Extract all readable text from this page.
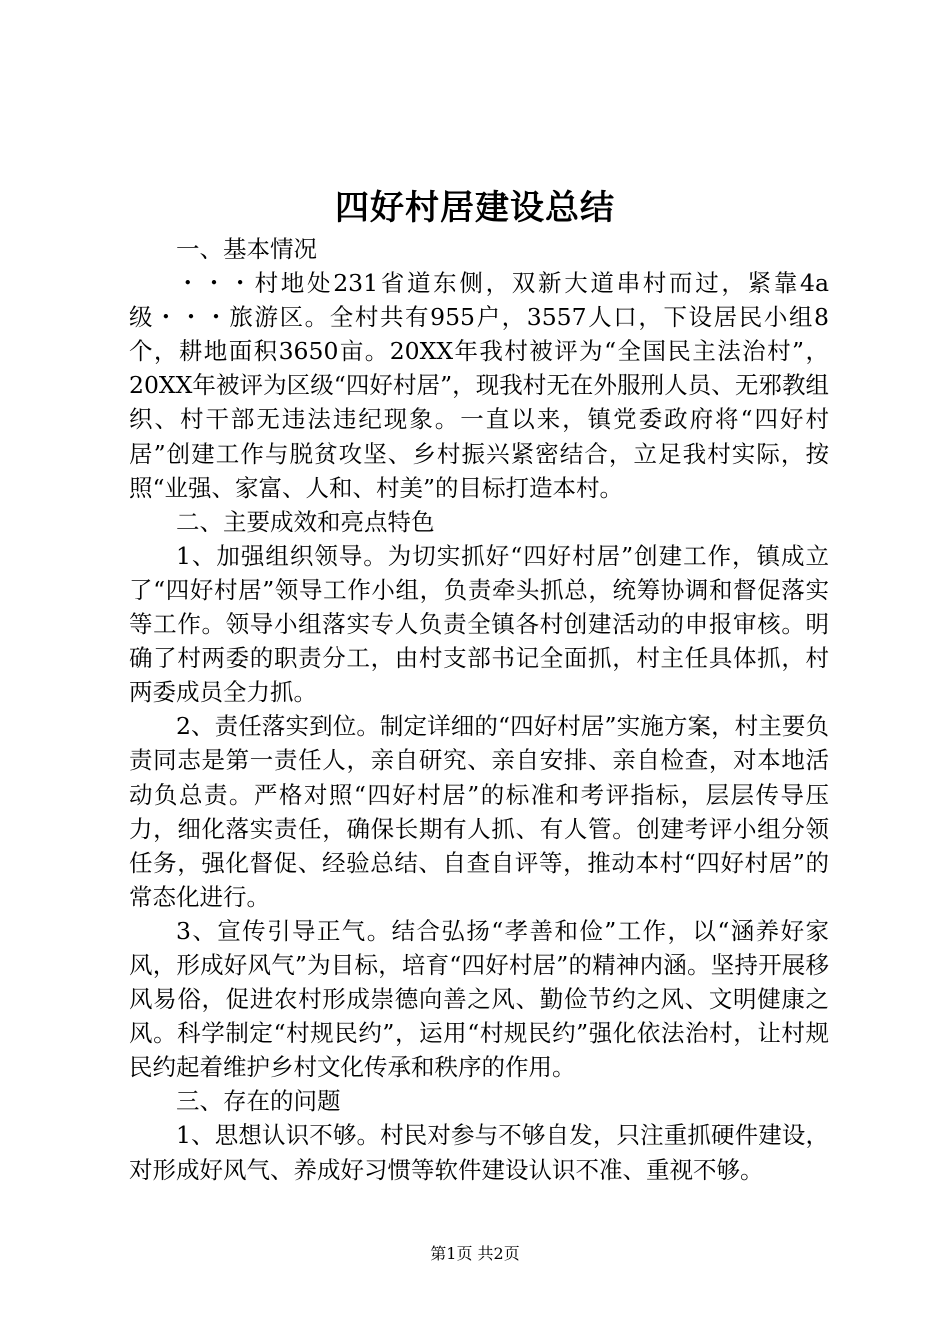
四好村居建设总结

一、基本情况

・・・村地处231省道东侧，双新大道串村而过，紧靠4a级・・・旅游区。全村共有955户，3557人口，下设居民小组8个，耕地面积3650亩。20XX年我村被评为“全国民主法治村”，20XX年被评为区级“四好村居”，现我村无在外服刑人员、无邪教组织、村干部无违法违纪现象。一直以来，镇党委政府将“四好村居”创建工作与脱贫攻坚、乡村振兴紧密结合，立足我村实际，按照“业强、家富、人和、村美”的目标打造本村。

二、主要成效和亮点特色

1、加强组织领导。为切实抓好“四好村居”创建工作，镇成立了“四好村居”领导工作小组，负责牵头抓总，统筹协调和督促落实等工作。领导小组落实专人负责全镇各村创建活动的申报审核。明确了村两委的职责分工，由村支部书记全面抓，村主任具体抓，村两委成员全力抓。

2、责任落实到位。制定详细的“四好村居”实施方案，村主要负责同志是第一责任人，亲自研究、亲自安排、亲自检查，对本地活动负总责。严格对照“四好村居”的标准和考评指标，层层传导压力，细化落实责任，确保长期有人抓、有人管。创建考评小组分领任务，强化督促、经验总结、自查自评等，推动本村“四好村居”的常态化进行。

3、宣传引导正气。结合弘扬“孝善和俭”工作，以“涵养好家风，形成好风气”为目标，培育“四好村居”的精神内涵。坚持开展移风易俗，促进农村形成崇德向善之风、勤俭节约之风、文明健康之风。科学制定“村规民约”，运用“村规民约”强化依法治村，让村规民约起着维护乡村文化传承和秩序的作用。

三、存在的问题

1、思想认识不够。村民对参与不够自发，只注重抓硬件建设，对形成好风气、养成好习惯等软件建设认识不准、重视不够。

第1页 共2页
